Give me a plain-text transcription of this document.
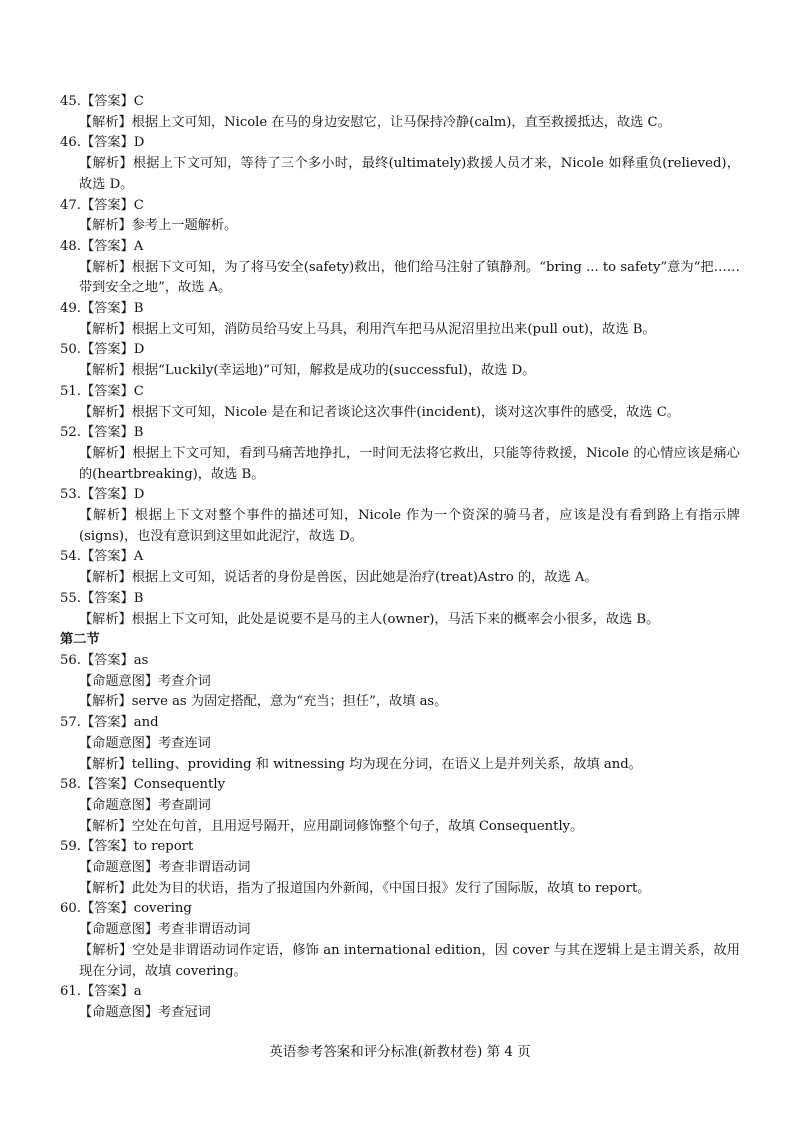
45.【答案】C
【解析】根据上文可知，Nicole 在马的身边安慰它，让马保持冷静(calm)，直至救援抵达，故选 C。
46.【答案】D
【解析】根据上下文可知，等待了三个多小时，最终(ultimately)救援人员才来，Nicole 如释重负(relieved)，故选 D。
47.【答案】C
【解析】参考上一题解析。
48.【答案】A
【解析】根据下文可知，为了将马安全(safety)救出，他们给马注射了镇静剂。“bring ... to safety”意为“把……带到安全之地”，故选 A。
49.【答案】B
【解析】根据上文可知，消防员给马安上马具，利用汽车把马从泥沼里拉出来(pull out)，故选 B。
50.【答案】D
【解析】根据“Luckily(幸运地)”可知，解救是成功的(successful)，故选 D。
51.【答案】C
【解析】根据下文可知，Nicole 是在和记者谈论这次事件(incident)，谈对这次事件的感受，故选 C。
52.【答案】B
【解析】根据上下文可知，看到马痛苦地挣扎，一时间无法将它救出，只能等待救援，Nicole 的心情应该是痛心的(heartbreaking)，故选 B。
53.【答案】D
【解析】根据上下文对整个事件的描述可知，Nicole 作为一个资深的骑马者，应该是没有看到路上有指示牌(signs)，也没有意识到这里如此泥泞，故选 D。
54.【答案】A
【解析】根据上文可知，说话者的身份是兽医，因此她是治疗(treat)Astro 的，故选 A。
55.【答案】B
【解析】根据上下文可知，此处是说要不是马的主人(owner)，马活下来的概率会小很多，故选 B。
第二节
56.【答案】as
【命题意图】考查介词
【解析】serve as 为固定搭配，意为“充当；担任”，故填 as。
57.【答案】and
【命题意图】考查连词
【解析】telling、providing 和 witnessing 均为现在分词，在语义上是并列关系，故填 and。
58.【答案】Consequently
【命题意图】考查副词
【解析】空处在句首，且用逗号隔开，应用副词修饰整个句子，故填 Consequently。
59.【答案】to report
【命题意图】考查非谓语动词
【解析】此处为目的状语，指为了报道国内外新闻，《中国日报》发行了国际版，故填 to report。
60.【答案】covering
【命题意图】考查非谓语动词
【解析】空处是非谓语动词作定语，修饰 an international edition，因 cover 与其在逻辑上是主谓关系，故用现在分词，故填 covering。
61.【答案】a
【命题意图】考查冠词
英语参考答案和评分标准(新教材卷) 第 4 页
